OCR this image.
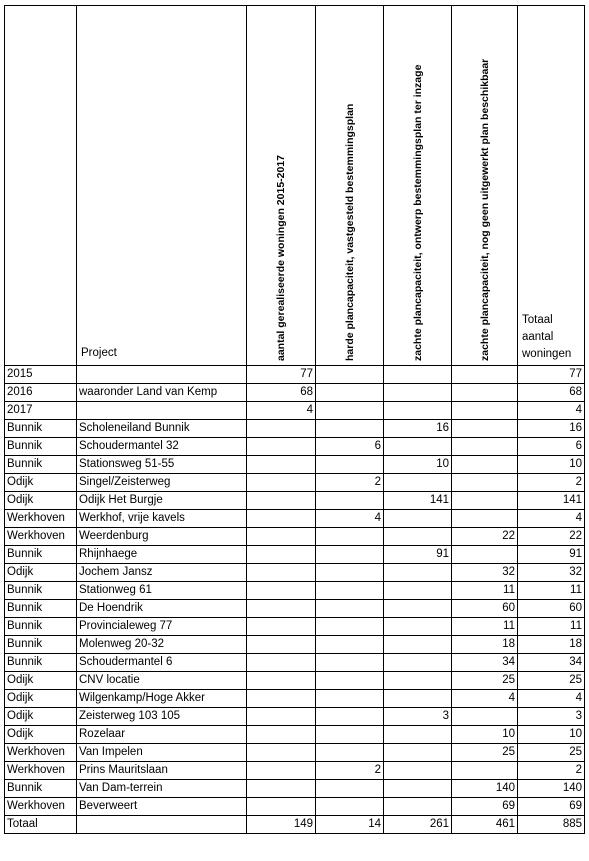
	Project	aantal gerealiseerde woningen 2015-2017	harde plancapaciteit, vastgesteld bestemmingsplan	zachte plancapaciteit, ontwerp bestemmingsplan ter inzage	zachte plancapaciteit, nog geen uitgewerkt plan beschikbaar	Totaal aantal woningen
2015		77				77
2016	waaronder Land van Kemp	68				68
2017		4				4
Bunnik	Scholeneiland Bunnik			16		16
Bunnik	Schoudermantel 32		6			6
Bunnik	Stationsweg 51-55			10		10
Odijk	Singel/Zeisterweg		2			2
Odijk	Odijk Het Burgje			141		141
Werkhoven	Werkhof, vrije kavels		4			4
Werkhoven	Weerdenburg				22	22
Bunnik	Rhijnhaege			91		91
Odijk	Jochem Jansz				32	32
Bunnik	Stationweg 61				11	11
Bunnik	De Hoendrik				60	60
Bunnik	Provincialeweg 77				11	11
Bunnik	Molenweg 20-32				18	18
Bunnik	Schoudermantel 6				34	34
Odijk	CNV locatie				25	25
Odijk	Wilgenkamp/Hoge Akker				4	4
Odijk	Zeisterweg 103 105			3		3
Odijk	Rozelaar				10	10
Werkhoven	Van Impelen				25	25
Werkhoven	Prins Mauritslaan		2			2
Bunnik	Van Dam-terrein				140	140
Werkhoven	Beverweert				69	69
Totaal		149	14	261	461	885
